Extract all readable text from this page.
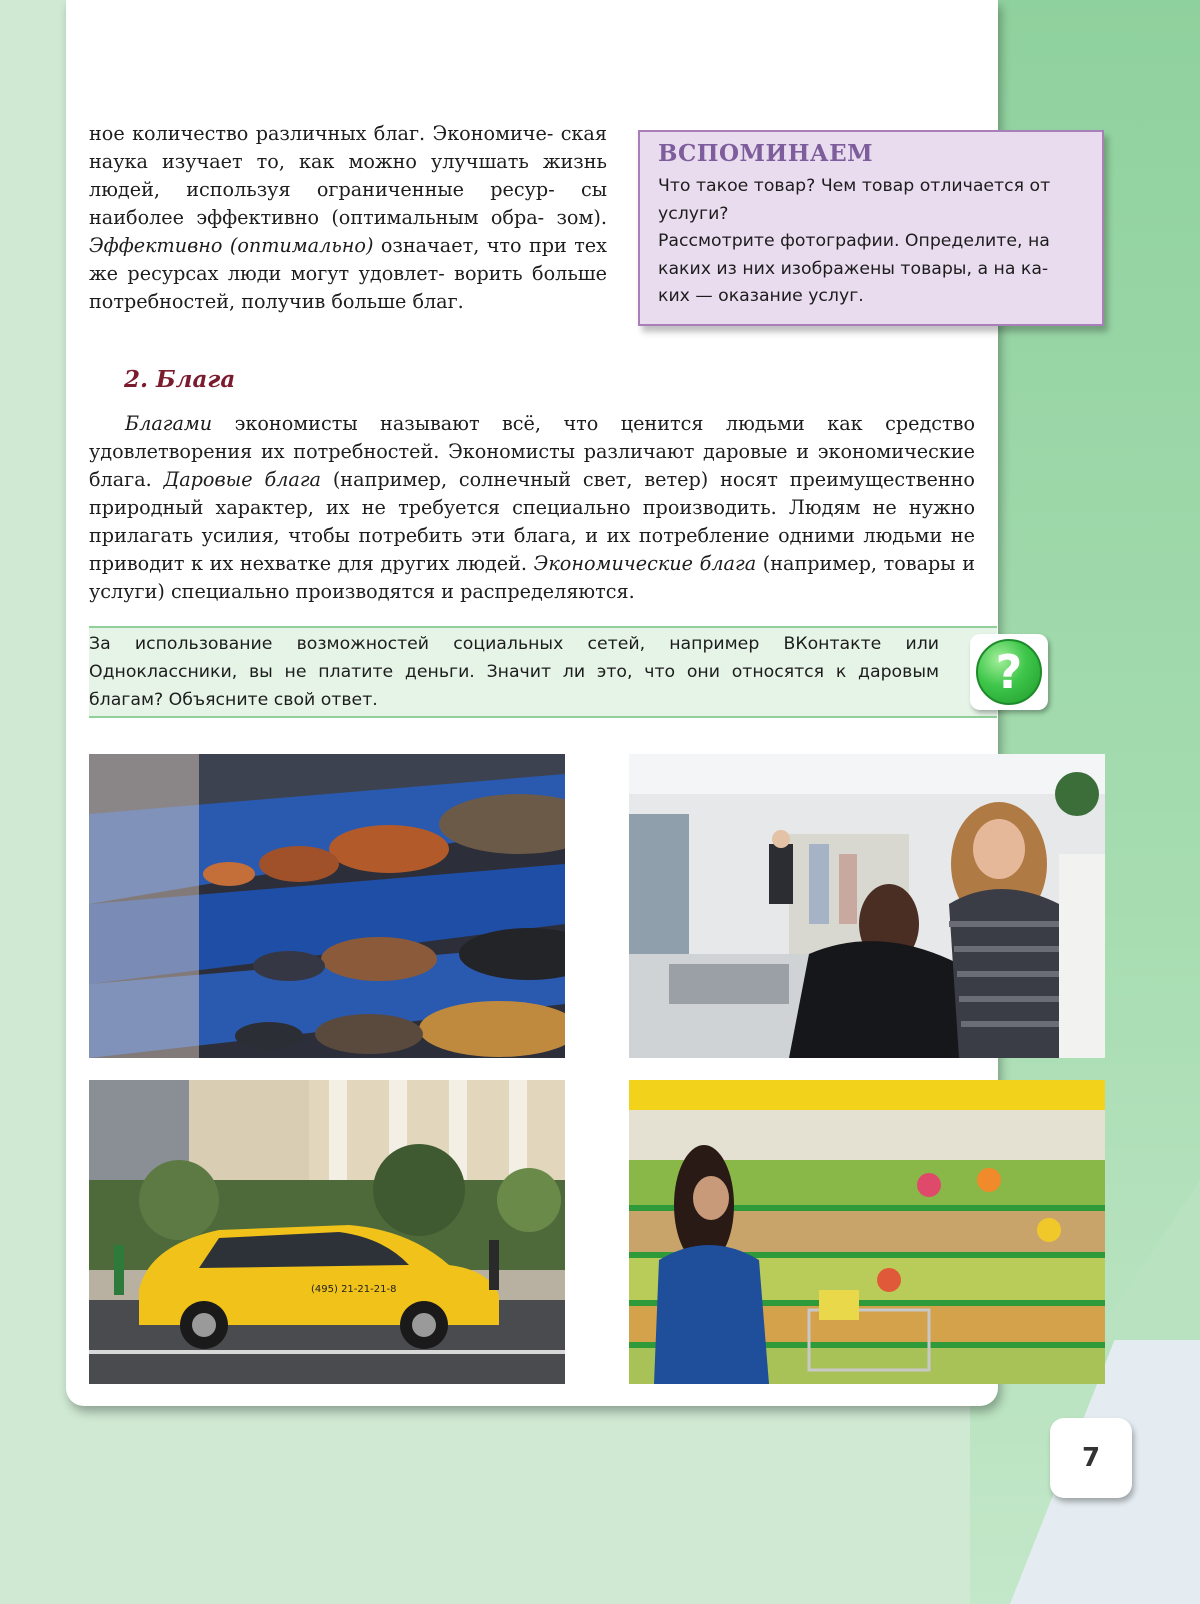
ное количество различных благ. Экономиче- ская наука изучает то, как можно улучшать жизнь людей, используя ограниченные ресур- сы наиболее эффективно (оптимальным обра- зом). Эффективно (оптимально) означает, что при тех же ресурсах люди могут удовлет- ворить больше потребностей, получив больше благ.

ВСПОМИНАЕМ

Что такое товар? Чем товар отличается от
услуги?
Рассмотрите фотографии. Определите, на
каких из них изображены товары, а на ка-
ких — оказание услуг.

2. Блага

Благами экономисты называют всё, что ценится людьми как средство удовлетворения их потребностей. Экономисты различают даровые и экономические блага. Даровые блага (например, солнечный свет, ветер) носят преимущественно природный характер, их не требуется специально производить. Людям не нужно прилагать усилия, чтобы потребить эти блага, и их потребление одними людьми не приводит к их нехватке для других людей. Экономические блага (например, товары и услуги) специально производятся и распределяются.

За использование возможностей социальных сетей, например ВКонтакте или Одноклассники, вы не платите деньги. Значит ли это, что они относятся к даровым благам? Объясните свой ответ.

?
(495) 21-21-21-8
7
